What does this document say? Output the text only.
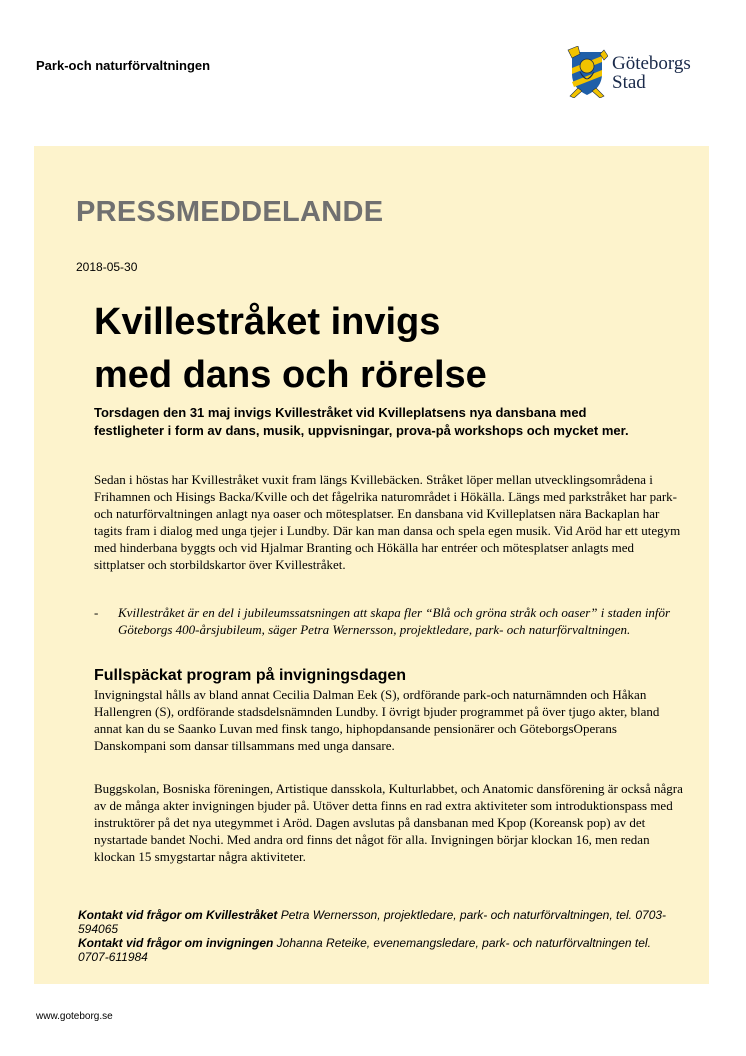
Park-och naturförvaltningen	Göteborgs
Stad
PRESSMEDDELANDE
2018-05-30
Kvillestråket invigs
med dans och rörelse

Torsdagen den 31 maj invigs Kvillestråket vid Kvilleplatsens nya dansbana med festligheter i form av dans, musik, uppvisningar, prova-på workshops och mycket mer.

Sedan i höstas har Kvillestråket vuxit fram längs Kvillebäcken. Stråket löper mellan utvecklingsområdena i Frihamnen och Hisings Backa/Kville och det fågelrika naturområdet i Hökälla. Längs med parkstråket har park- och naturförvaltningen anlagt nya oaser och mötesplatser. En dansbana vid Kvilleplatsen nära Backaplan har tagits fram i dialog med unga tjejer i Lundby. Där kan man dansa och spela egen musik. Vid Aröd har ett utegym med hinderbana byggts och vid Hjalmar Branting och Hökälla har entréer och mötesplatser anlagts med sittplatser och storbildskartor över Kvillestråket.

-	Kvillestråket är en del i jubileumssatsningen att skapa fler “Blå och gröna stråk och oaser” i staden inför Göteborgs 400-årsjubileum, säger Petra Wernersson, projektledare, park- och naturförvaltningen.

Fullspäckat program på invigningsdagen

Invigningstal hålls av bland annat Cecilia Dalman Eek (S), ordförande park-och naturnämnden och Håkan Hallengren (S), ordförande stadsdelsnämnden Lundby. I övrigt bjuder programmet på över tjugo akter, bland annat kan du se Saanko Luvan med finsk tango, hiphopdansande pensionärer och GöteborgsOperans Danskompani som dansar tillsammans med unga dansare.

Buggskolan, Bosniska föreningen, Artistique dansskola, Kulturlabbet, och Anatomic dansförening är också några av de många akter invigningen bjuder på. Utöver detta finns en rad extra aktiviteter som introduktionspass med instruktörer på det nya utegymmet i Aröd. Dagen avslutas på dansbanan med Kpop (Koreansk pop) av det nystartade bandet Nochi. Med andra ord finns det något för alla. Invigningen börjar klockan 16, men redan klockan 15 smygstartar några aktiviteter.

Kontakt vid frågor om Kvillestråket Petra Wernersson, projektledare, park- och naturförvaltningen, tel. 0703-594065
Kontakt vid frågor om invigningen Johanna Reteike, evenemangsledare, park- och naturförvaltningen tel. 0707-611984
www.goteborg.se
